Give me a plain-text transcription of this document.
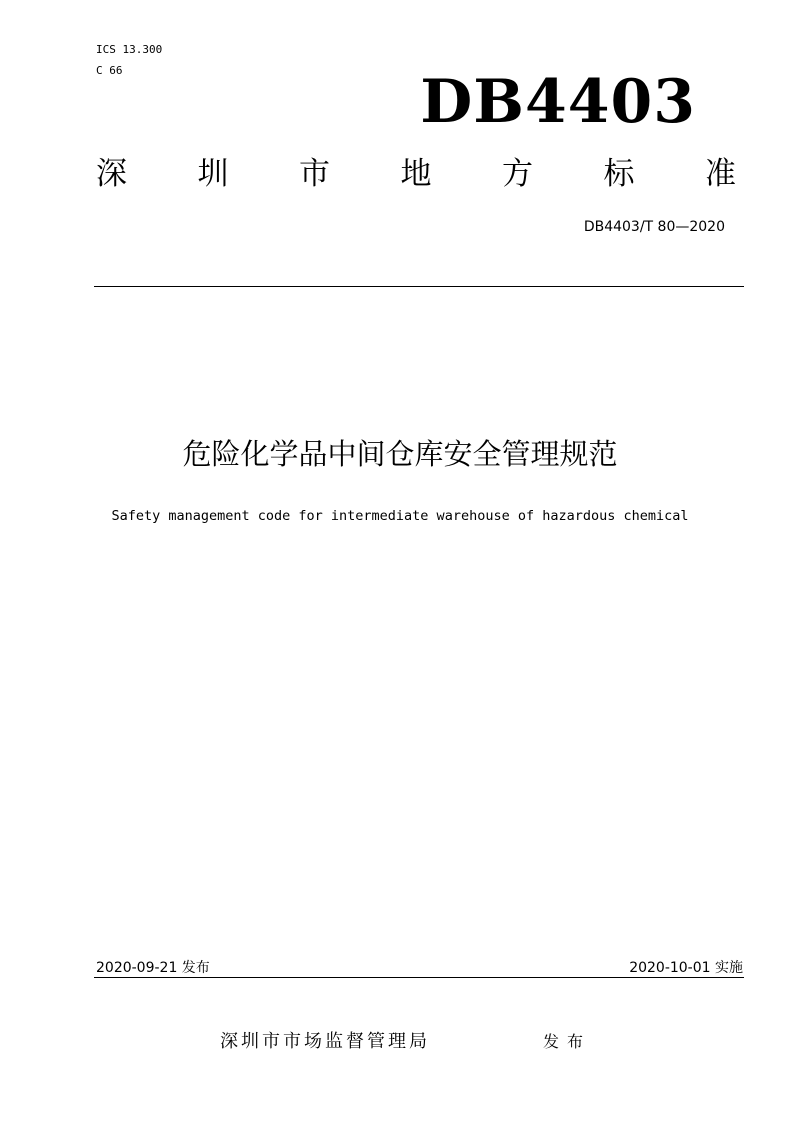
ICS 13.300
C 66	DB4403
深 圳 市 地 方 标 准
DB4403/T 80—2020
危险化学品中间仓库安全管理规范
Safety management code for intermediate warehouse of hazardous chemical
2020-09-21 发布	2020-10-01 实施
深圳市市场监督管理局	发布
